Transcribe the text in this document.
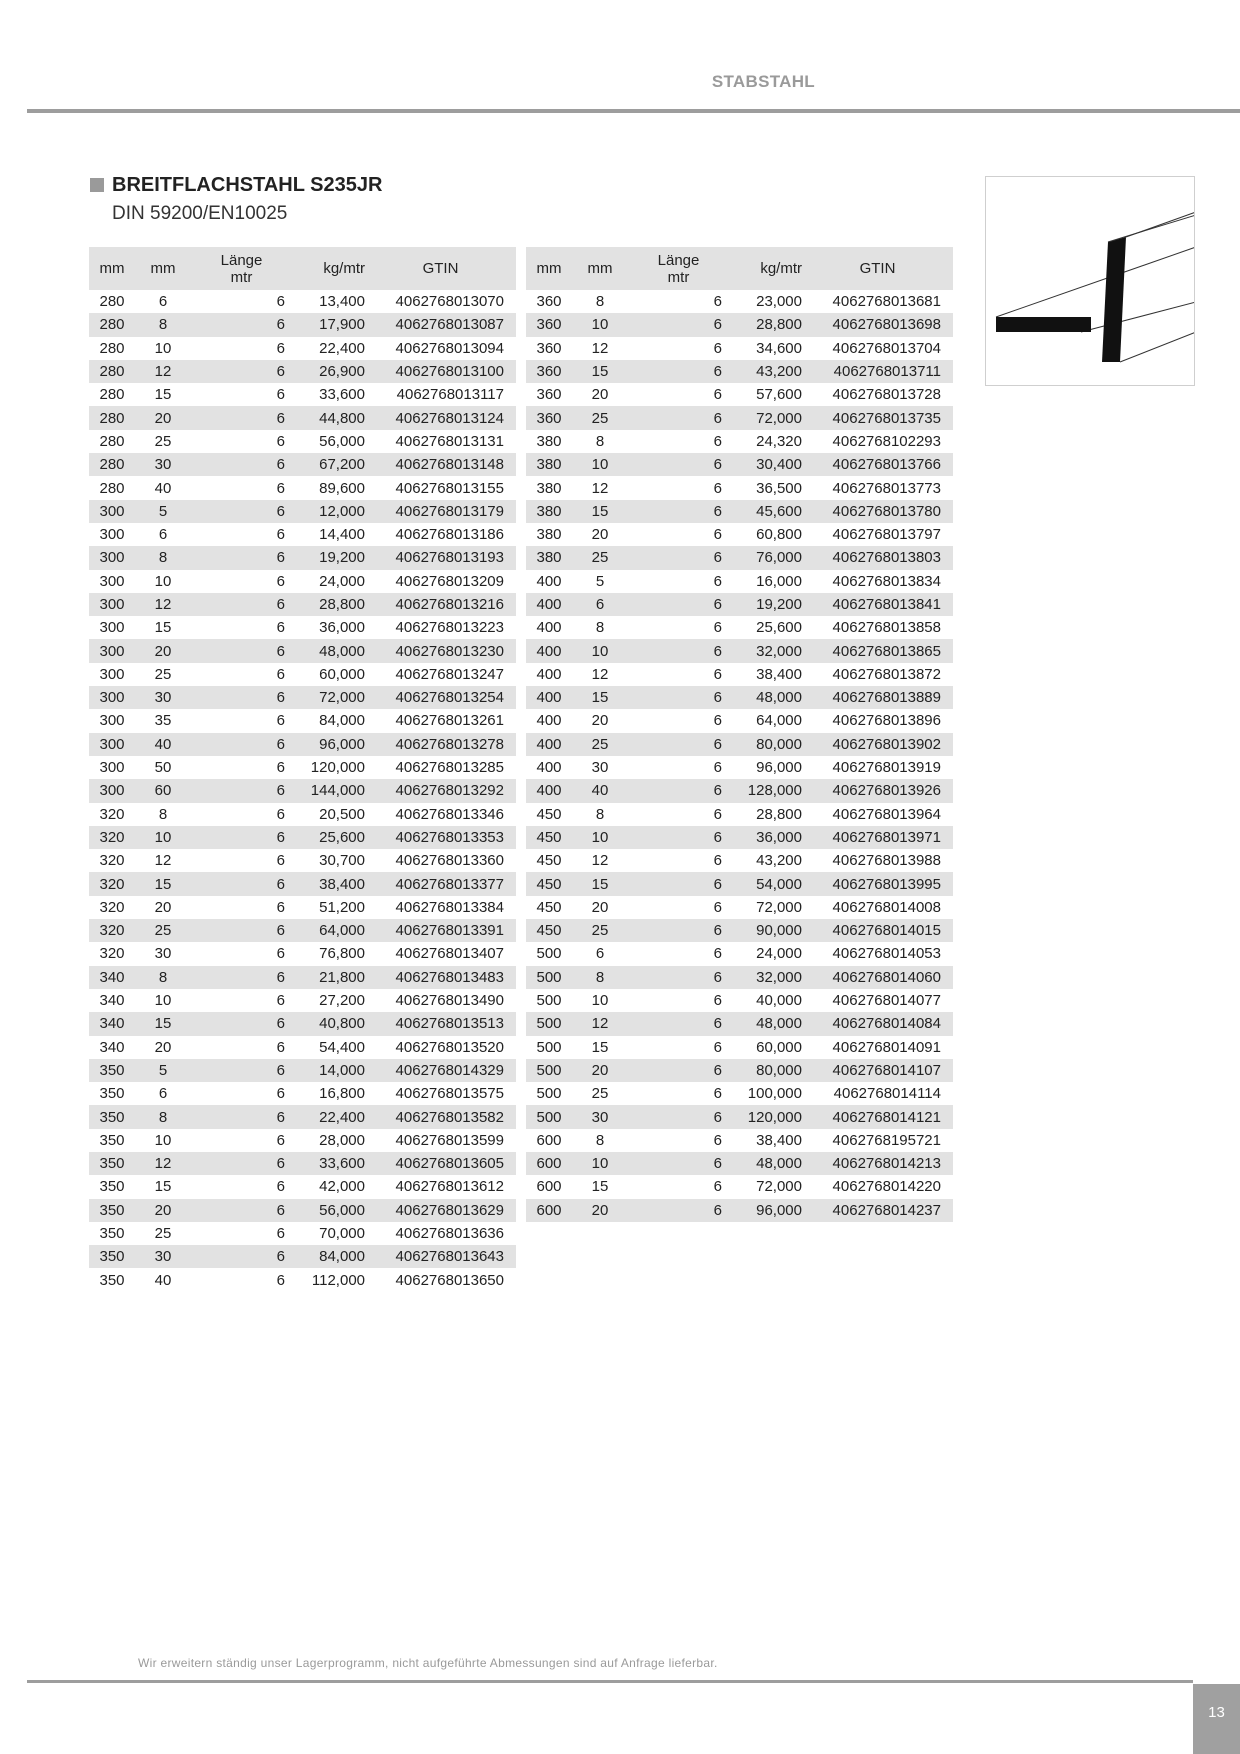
STABSTAHL
BREITFLACHSTAHL S235JR
DIN 59200/EN10025
mm	mm	Länge
mtr	kg/mtr	GTIN
280	6	6	13,400	4062768013070
280	8	6	17,900	4062768013087
280	10	6	22,400	4062768013094
280	12	6	26,900	4062768013100
280	15	6	33,600	4062768013117
280	20	6	44,800	4062768013124
280	25	6	56,000	4062768013131
280	30	6	67,200	4062768013148
280	40	6	89,600	4062768013155
300	5	6	12,000	4062768013179
300	6	6	14,400	4062768013186
300	8	6	19,200	4062768013193
300	10	6	24,000	4062768013209
300	12	6	28,800	4062768013216
300	15	6	36,000	4062768013223
300	20	6	48,000	4062768013230
300	25	6	60,000	4062768013247
300	30	6	72,000	4062768013254
300	35	6	84,000	4062768013261
300	40	6	96,000	4062768013278
300	50	6	120,000	4062768013285
300	60	6	144,000	4062768013292
320	8	6	20,500	4062768013346
320	10	6	25,600	4062768013353
320	12	6	30,700	4062768013360
320	15	6	38,400	4062768013377
320	20	6	51,200	4062768013384
320	25	6	64,000	4062768013391
320	30	6	76,800	4062768013407
340	8	6	21,800	4062768013483
340	10	6	27,200	4062768013490
340	15	6	40,800	4062768013513
340	20	6	54,400	4062768013520
350	5	6	14,000	4062768014329
350	6	6	16,800	4062768013575
350	8	6	22,400	4062768013582
350	10	6	28,000	4062768013599
350	12	6	33,600	4062768013605
350	15	6	42,000	4062768013612
350	20	6	56,000	4062768013629
350	25	6	70,000	4062768013636
350	30	6	84,000	4062768013643
350	40	6	112,000	4062768013650
mm	mm	Länge
mtr	kg/mtr	GTIN
360	8	6	23,000	4062768013681
360	10	6	28,800	4062768013698
360	12	6	34,600	4062768013704
360	15	6	43,200	4062768013711
360	20	6	57,600	4062768013728
360	25	6	72,000	4062768013735
380	8	6	24,320	4062768102293
380	10	6	30,400	4062768013766
380	12	6	36,500	4062768013773
380	15	6	45,600	4062768013780
380	20	6	60,800	4062768013797
380	25	6	76,000	4062768013803
400	5	6	16,000	4062768013834
400	6	6	19,200	4062768013841
400	8	6	25,600	4062768013858
400	10	6	32,000	4062768013865
400	12	6	38,400	4062768013872
400	15	6	48,000	4062768013889
400	20	6	64,000	4062768013896
400	25	6	80,000	4062768013902
400	30	6	96,000	4062768013919
400	40	6	128,000	4062768013926
450	8	6	28,800	4062768013964
450	10	6	36,000	4062768013971
450	12	6	43,200	4062768013988
450	15	6	54,000	4062768013995
450	20	6	72,000	4062768014008
450	25	6	90,000	4062768014015
500	6	6	24,000	4062768014053
500	8	6	32,000	4062768014060
500	10	6	40,000	4062768014077
500	12	6	48,000	4062768014084
500	15	6	60,000	4062768014091
500	20	6	80,000	4062768014107
500	25	6	100,000	4062768014114
500	30	6	120,000	4062768014121
600	8	6	38,400	4062768195721
600	10	6	48,000	4062768014213
600	15	6	72,000	4062768014220
600	20	6	96,000	4062768014237
Wir erweitern ständig unser Lagerprogramm, nicht aufgeführte Abmessungen sind auf Anfrage lieferbar.
13
